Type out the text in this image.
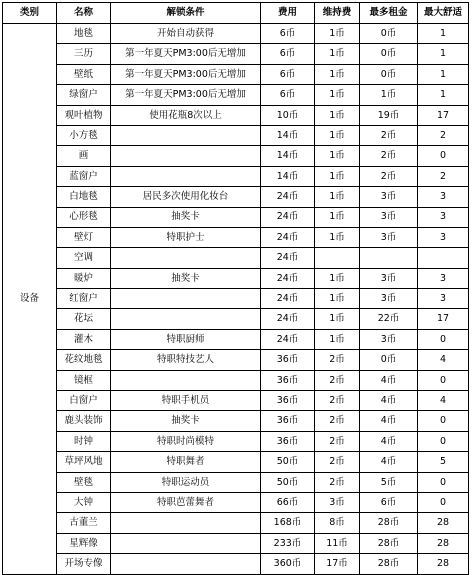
类别	名称	解锁条件	费用	维持费	最多租金	最大舒适
设备	地毯	开始自动获得	6币	1币	0币	1
	三历	第一年夏天PM3:00后无增加	6币	1币	0币	1
	壁纸	第一年夏天PM3:00后无增加	6币	1币	0币	1
	绿窗户	第一年夏天PM3:00后无增加	6币	1币	1币	1
	观叶植物	使用花瓶8次以上	10币	1币	19币	17
	小方毯		14币	1币	2币	2
	画		14币	1币	2币	0
	蓝窗户		14币	1币	2币	2
	白地毯	居民多次使用化妆台	24币	1币	3币	3
	心形毯	抽奖卡	24币	1币	3币	3
	壁灯	特职护士	24币	1币	3币	3
	空调		24币			
	暖炉	抽奖卡	24币	1币	3币	3
	红窗户		24币	1币	3币	3
	花坛		24币	1币	22币	17
	灌木	特职厨师	24币	1币	3币	0
	花纹地毯	特职特技艺人	36币	2币	0币	4
	镜框		36币	2币	4币	0
	白窗户	特职手机员	36币	2币	4币	4
	鹿头装饰	抽奖卡	36币	2币	4币	0
	时钟	特职时尚模特	36币	2币	4币	0
	草坪风地	特职舞者	50币	2币	4币	5
	壁毯	特职运动员	50币	2币	5币	0
	大钟	特职芭蕾舞者	66币	3币	6币	0
	古董兰		168币	8币	28币	28
	星辉像		233币	11币	28币	28
	开场专像		360币	17币	28币	28
